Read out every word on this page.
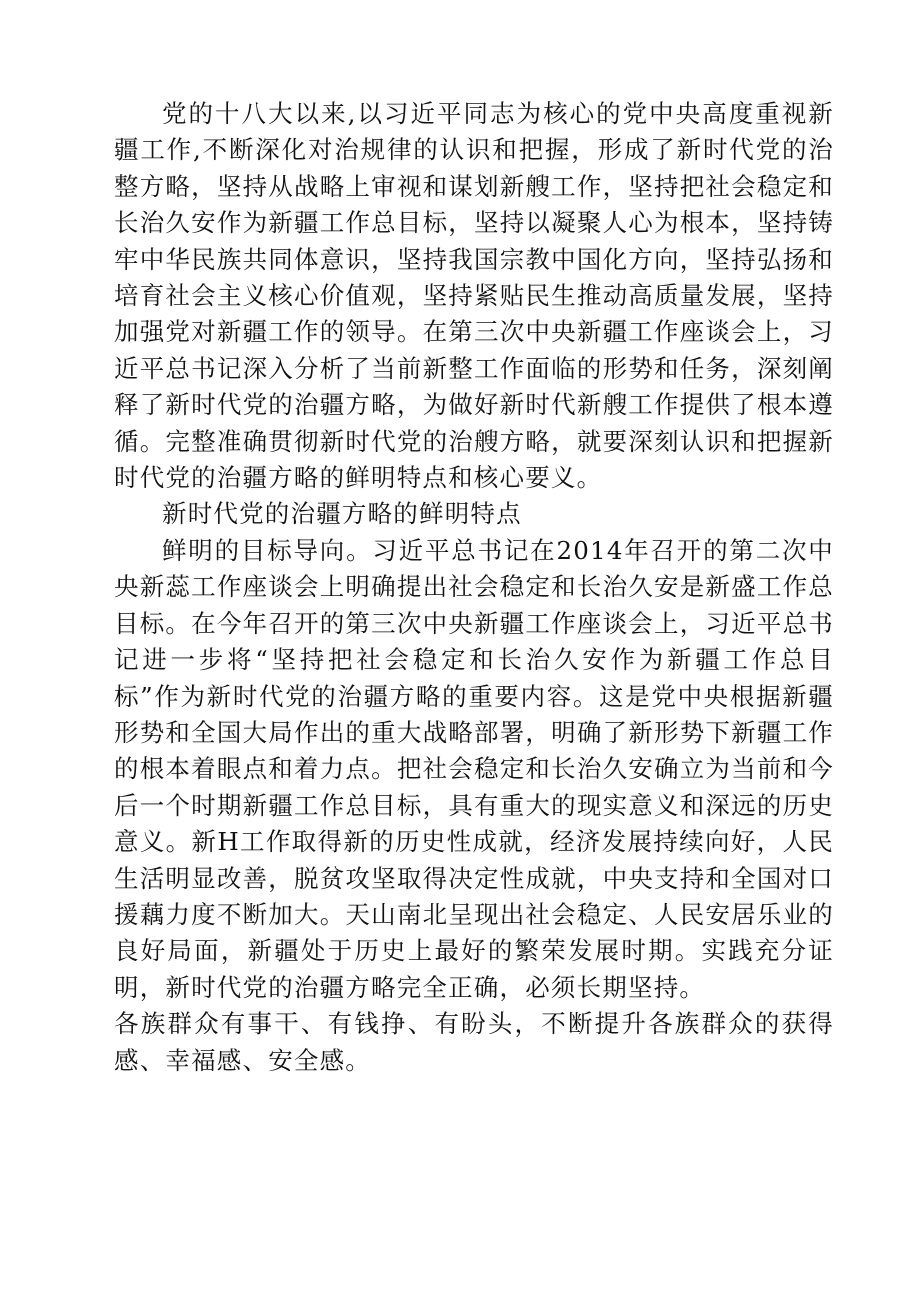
党的十八大以来,以习近平同志为核心的党中央高度重视新疆工作,不断深化对治规律的认识和把握，形成了新时代党的治整方略，坚持从战略上审视和谋划新艘工作，坚持把社会稳定和长治久安作为新疆工作总目标，坚持以凝聚人心为根本，坚持铸牢中华民族共同体意识，坚持我国宗教中国化方向，坚持弘扬和培育社会主义核心价值观，坚持紧贴民生推动高质量发展，坚持加强党对新疆工作的领导。在第三次中央新疆工作座谈会上，习近平总书记深入分析了当前新整工作面临的形势和任务，深刻阐释了新时代党的治疆方略，为做好新时代新艘工作提供了根本遵循。完整准确贯彻新时代党的治艘方略，就要深刻认识和把握新时代党的治疆方略的鲜明特点和核心要义。

新时代党的治疆方略的鲜明特点

鲜明的目标导向。习近平总书记在2014年召开的第二次中央新蕊工作座谈会上明确提出社会稳定和长治久安是新盛工作总目标。在今年召开的第三次中央新疆工作座谈会上，习近平总书记进一步将“坚持把社会稳定和长治久安作为新疆工作总目标”作为新时代党的治疆方略的重要内容。这是党中央根据新疆形势和全国大局作出的重大战略部署，明确了新形势下新疆工作的根本着眼点和着力点。把社会稳定和长治久安确立为当前和今后一个时期新疆工作总目标，具有重大的现实意义和深远的历史意义。新H工作取得新的历史性成就，经济发展持续向好，人民生活明显改善，脱贫攻坚取得决定性成就，中央支持和全国对口援藕力度不断加大。天山南北呈现出社会稳定、人民安居乐业的良好局面，新疆处于历史上最好的繁荣发展时期。实践充分证明，新时代党的治疆方略完全正确，必须长期坚持。

各族群众有事干、有钱挣、有盼头，不断提升各族群众的获得感、幸福感、安全感。
